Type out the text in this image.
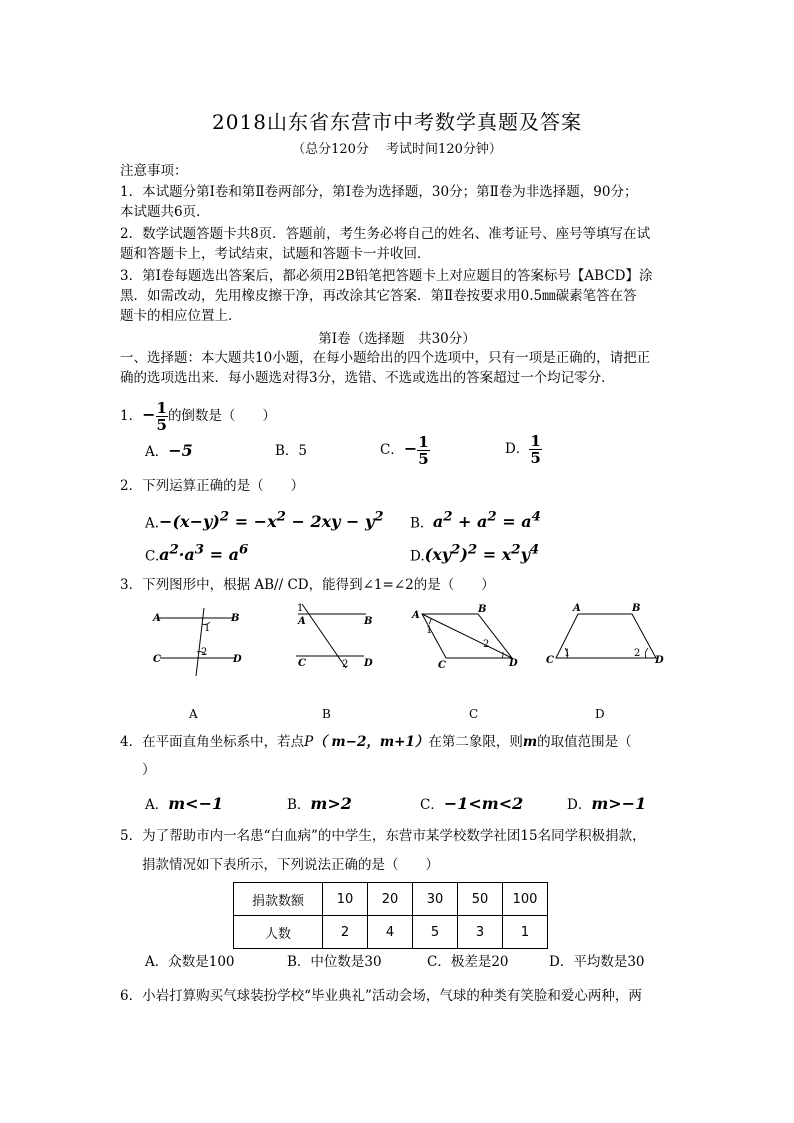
2018山东省东营市中考数学真题及答案
（总分120分　 考试时间120分钟）
注意事项：
1．本试题分第Ⅰ卷和第Ⅱ卷两部分，第Ⅰ卷为选择题，30分；第Ⅱ卷为非选择题，90分；
本试题共6页．
2．数学试题答题卡共8页．答题前，考生务必将自己的姓名、准考证号、座号等填写在试
题和答题卡上，考试结束，试题和答题卡一并收回．
3．第Ⅰ卷每题选出答案后，都必须用2B铅笔把答题卡上对应题目的答案标号【ABCD】涂
黑．如需改动，先用橡皮擦干净，再改涂其它答案．第Ⅱ卷按要求用0.5㎜碳素笔答在答
题卡的相应位置上．
第Ⅰ卷（选择题　共30分）
一、选择题：本大题共10小题，在每小题给出的四个选项中，只有一项是正确的，请把正
确的选项选出来．每小题选对得3分，选错、不选或选出的答案超过一个均记零分．
1．− $\frac{1}{5}$ 的倒数是（　　）
A．−5	B．5	C．− $\frac{1}{5}$	D． $\frac{1}{5}$
2．下列运算正确的是（　　）
$A.-(x-y)^2 = -x^2 - 2xy - y^2$ B. $a^2 + a^2 = a^4$
$C.a^2\cdot a^3 = a^6$	$D.(xy^2)^2 = x^2y^4$
3．下列图形中，根据 AB// CD，能得到∠1=∠2的是（　　）
A	B
C	D
1
2
1
2
A	B
C	D
A
B
C	D
1
2
A	B
C	D
1	2
A	B	C	D
4．在平面直角坐标系中，若点P（ m−2，m+1）在第二象限，则m的取值范围是（
）
A．m<−1	B．m>2	C．−1<m<2	D．m>−1
5．为了帮助市内一名患“白血病”的中学生，东营市某学校数学社团15名同学积极捐款，
捐款情况如下表所示，下列说法正确的是（　　）
捐款数额	10	20	30	50	100
人数	2	4	5	3	1
A．众数是100	B．中位数是30	C．极差是20	D．平均数是30
6．小岩打算购买气球装扮学校“毕业典礼”活动会场，气球的种类有笑脸和爱心两种，两
